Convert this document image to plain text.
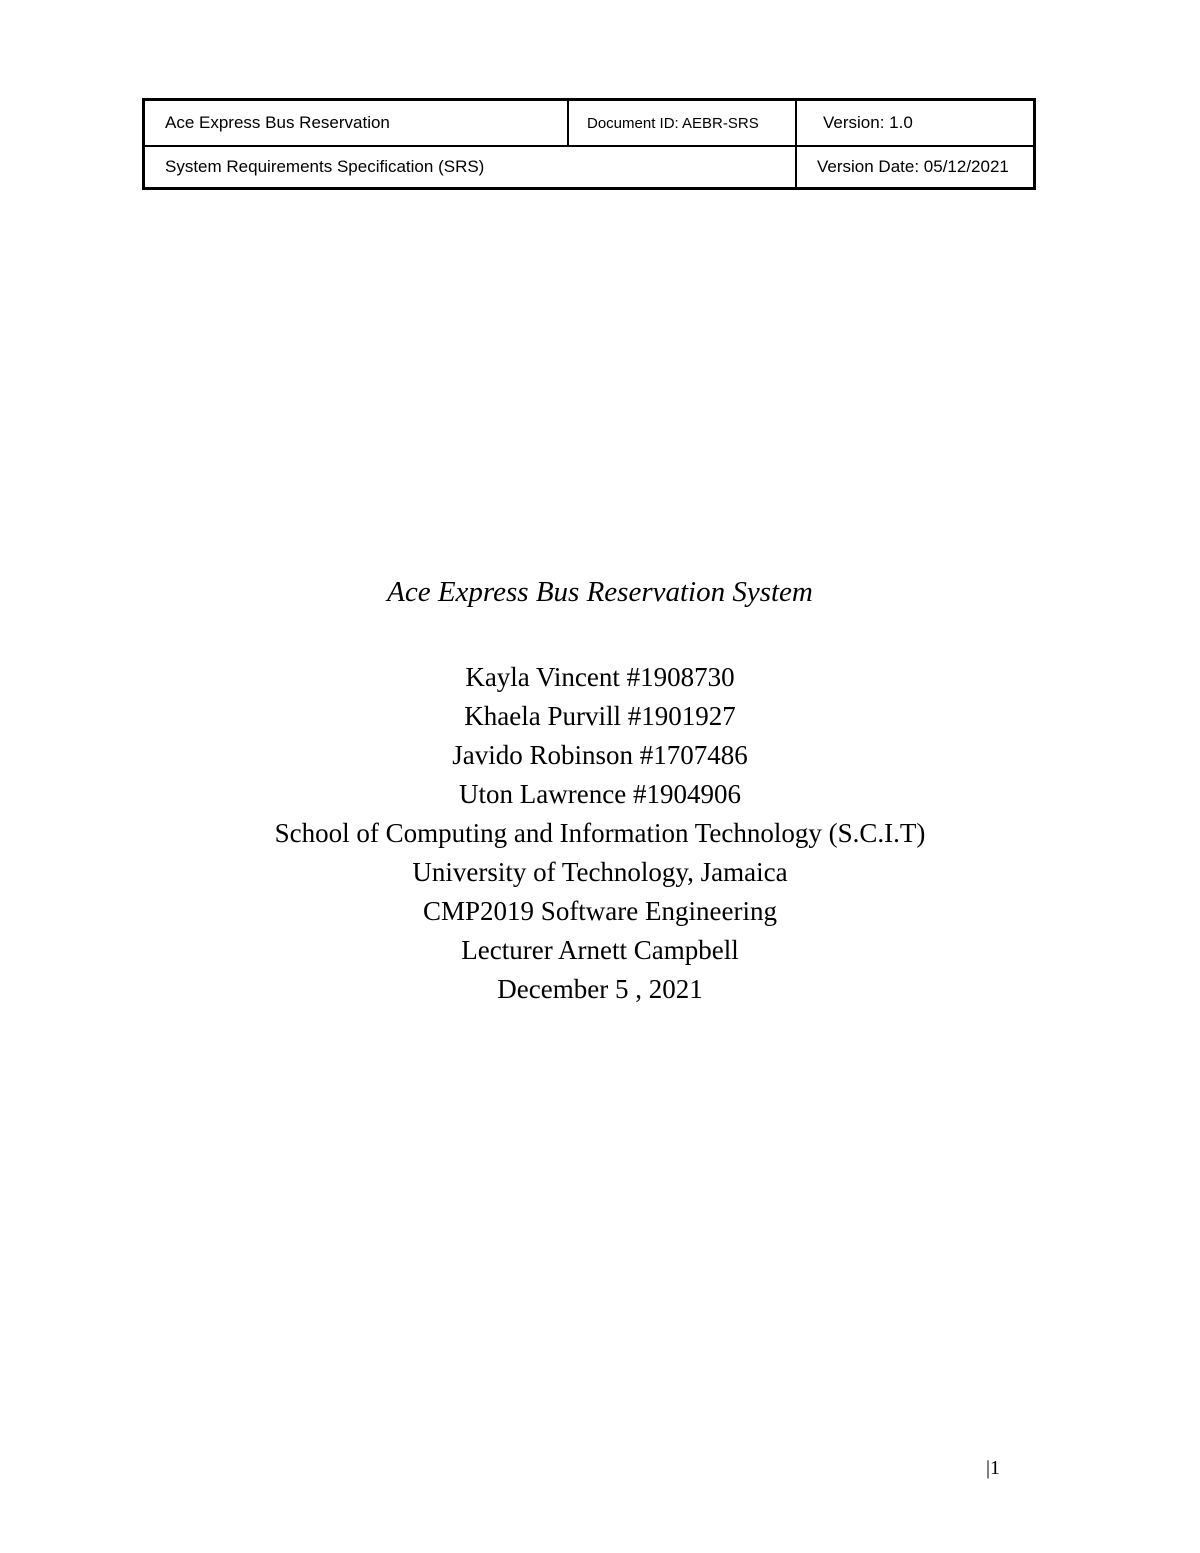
Ace Express Bus Reservation	Document ID: AEBR-SRS	Version: 1.0
System Requirements Specification (SRS)	Version Date: 05/12/2021
Ace Express Bus Reservation System
Kayla Vincent #1908730
Khaela Purvill #1901927
Javido Robinson #1707486
Uton Lawrence #1904906
School of Computing and Information Technology (S.C.I.T)
University of Technology, Jamaica
CMP2019 Software Engineering
Lecturer Arnett Campbell
December 5 , 2021
|1
